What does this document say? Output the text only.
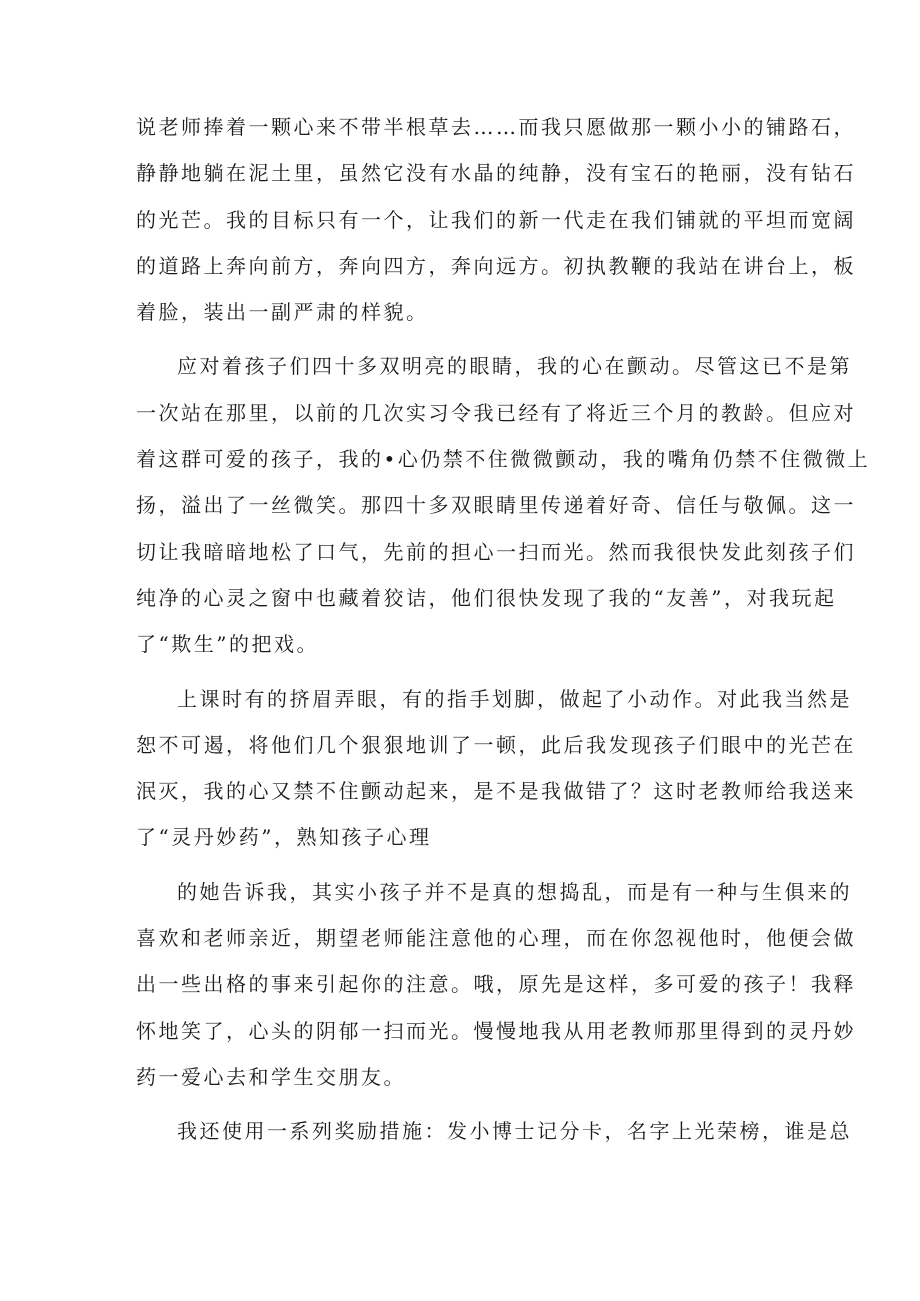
说老师捧着一颗心来不带半根草去……而我只愿做那一颗小小的铺路石，
静静地躺在泥土里，虽然它没有水晶的纯静，没有宝石的艳丽，没有钻石
的光芒。我的目标只有一个，让我们的新一代走在我们铺就的平坦而宽阔
的道路上奔向前方，奔向四方，奔向远方。初执教鞭的我站在讲台上，板
着脸，装出一副严肃的样貌。
应对着孩子们四十多双明亮的眼睛，我的心在颤动。尽管这已不是第
一次站在那里，以前的几次实习令我已经有了将近三个月的教龄。但应对
着这群可爱的孩子，我的•心仍禁不住微微颤动，我的嘴角仍禁不住微微上
扬，溢出了一丝微笑。那四十多双眼睛里传递着好奇、信任与敬佩。这一
切让我暗暗地松了口气，先前的担心一扫而光。然而我很快发此刻孩子们
纯净的心灵之窗中也藏着狡诘，他们很快发现了我的“友善”，对我玩起
了“欺生”的把戏。
上课时有的挤眉弄眼，有的指手划脚，做起了小动作。对此我当然是
恕不可遏，将他们几个狠狠地训了一顿，此后我发现孩子们眼中的光芒在
泯灭，我的心又禁不住颤动起来，是不是我做错了？这时老教师给我送来
了“灵丹妙药”，熟知孩子心理
的她告诉我，其实小孩子并不是真的想捣乱，而是有一种与生俱来的
喜欢和老师亲近，期望老师能注意他的心理，而在你忽视他时，他便会做
出一些出格的事来引起你的注意。哦，原先是这样，多可爱的孩子！我释
怀地笑了，心头的阴郁一扫而光。慢慢地我从用老教师那里得到的灵丹妙
药一爱心去和学生交朋友。
我还使用一系列奖励措施：发小博士记分卡，名字上光荣榜，谁是总
